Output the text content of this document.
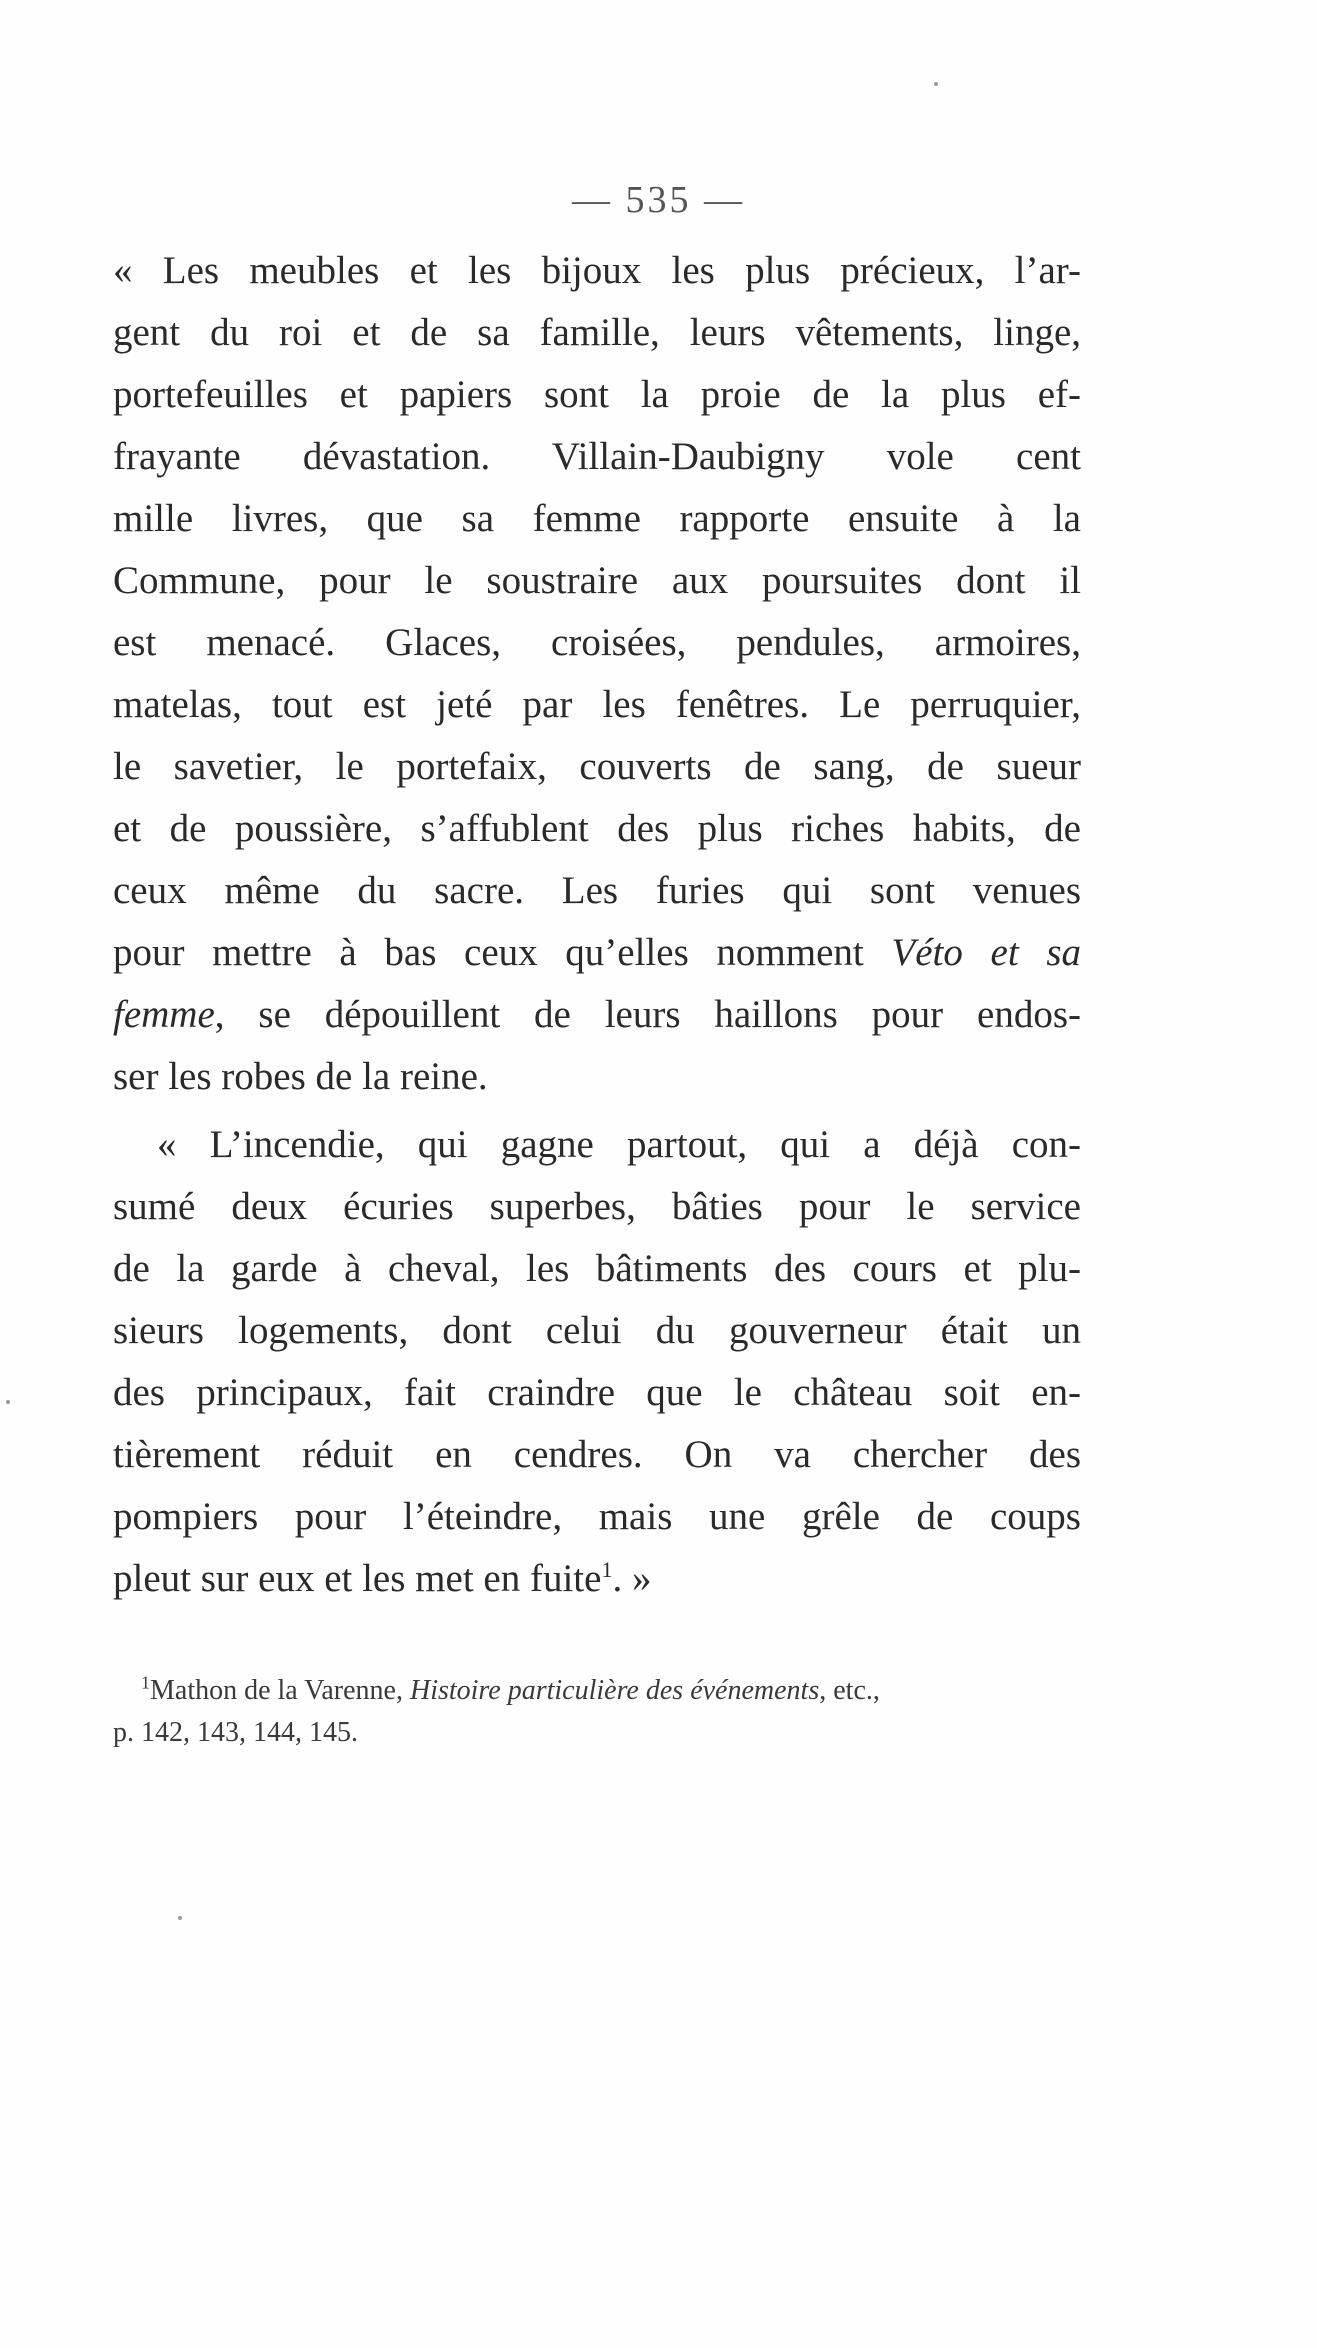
— 535 —
« Les meubles et les bijoux les plus précieux, l’ar-
gent du roi et de sa famille, leurs vêtements, linge,
portefeuilles et papiers sont la proie de la plus ef-
frayante dévastation. Villain-Daubigny vole cent
mille livres, que sa femme rapporte ensuite à la
Commune, pour le soustraire aux poursuites dont il
est menacé. Glaces, croisées, pendules, armoires,
matelas, tout est jeté par les fenêtres. Le perruquier,
le savetier, le portefaix, couverts de sang, de sueur
et de poussière, s’affublent des plus riches habits, de
ceux même du sacre. Les furies qui sont venues
pour mettre à bas ceux qu’elles nomment Véto et sa
femme, se dépouillent de leurs haillons pour endos-
ser les robes de la reine.
« L’incendie, qui gagne partout, qui a déjà con-
sumé deux écuries superbes, bâties pour le service
de la garde à cheval, les bâtiments des cours et plu-
sieurs logements, dont celui du gouverneur était un
des principaux, fait craindre que le château soit en-
tièrement réduit en cendres. On va chercher des
pompiers pour l’éteindre, mais une grêle de coups
pleut sur eux et les met en fuite$^1$. »
$^1$Mathon de la Varenne, Histoire particulière des événements, etc.,
p. 142, 143, 144, 145.
